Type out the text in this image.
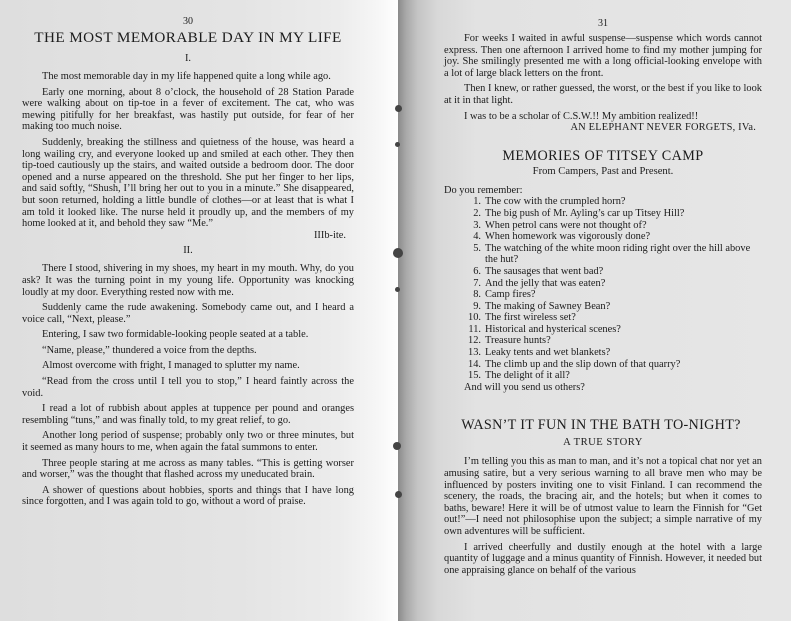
30
THE MOST MEMORABLE DAY IN MY LIFE
I.

The most memorable day in my life happened quite a long while ago.

Early one morning, about 8 o’clock, the household of 28 Station Parade were walking about on tip-toe in a fever of excitement. The cat, who was mewing pitifully for her breakfast, was hastily put outside, for fear of her making too much noise.

Suddenly, breaking the stillness and quietness of the house, was heard a long wailing cry, and everyone looked up and smiled at each other. They then tip-toed cautiously up the stairs, and waited outside a bedroom door. The door opened and a nurse appeared on the threshold. She put her finger to her lips, and said softly, “Shush, I’ll bring her out to you in a minute.” She disappeared, but soon returned, holding a little bundle of clothes—or at least that is what I am told it looked like. The nurse held it proudly up, and the members of my home looked at it, and behold they saw “Me.”

IIIb-ite.
II.

There I stood, shivering in my shoes, my heart in my mouth. Why, do you ask? It was the turning point in my young life. Opportunity was knocking loudly at my door. Everything rested now with me.

Suddenly came the rude awakening. Somebody came out, and I heard a voice call, “Next, please.”

Entering, I saw two formidable-looking people seated at a table.

“Name, please,” thundered a voice from the depths.

Almost overcome with fright, I managed to splutter my name.

“Read from the cross until I tell you to stop,” I heard faintly across the void.

I read a lot of rubbish about apples at tuppence per pound and oranges resembling “tuns,” and was finally told, to my great relief, to go.

Another long period of suspense; probably only two or three minutes, but it seemed as many hours to me, when again the fatal summons to enter.

Three people staring at me across as many tables. “This is getting worser and worser,” was the thought that flashed across my uneducated brain.

A shower of questions about hobbies, sports and things that I have long since forgotten, and I was again told to go, without a word of praise.

31

For weeks I waited in awful suspense—suspense which words cannot express. Then one afternoon I arrived home to find my mother jumping for joy. She smilingly presented me with a long official-looking envelope with a lot of large black letters on the front.

Then I knew, or rather guessed, the worst, or the best if you like to look at it in that light.

I was to be a scholar of C.S.W.!! My ambition realized!!

AN ELEPHANT NEVER FORGETS, IVa.
MEMORIES OF TITSEY CAMP
From Campers, Past and Present.

Do you remember:

1. The cow with the crumpled horn?
2. The big push of Mr. Ayling’s car up Titsey Hill?
3. When petrol cans were not thought of?
4. When homework was vigorously done?
5. The watching of the white moon riding right over the hill above the hut?
6. The sausages that went bad?
7. And the jelly that was eaten?
8. Camp fires?
9. The making of Sawney Bean?
10. The first wireless set?
11. Historical and hysterical scenes?
12. Treasure hunts?
13. Leaky tents and wet blankets?
14. The climb up and the slip down of that quarry?
15. The delight of it all?

And will you send us others?

WASN’T IT FUN IN THE BATH TO-NIGHT?
A TRUE STORY

I’m telling you this as man to man, and it’s not a topical chat nor yet an amusing satire, but a very serious warning to all brave men who may be influenced by posters inviting one to visit Finland. I can recommend the scenery, the roads, the bracing air, and the hotels; but when it comes to baths, beware! Here it will be of utmost value to learn the Finnish for “Get out!”—I need not philosophise upon the subject; a simple narrative of my own adventures will be sufficient.

I arrived cheerfully and dustily enough at the hotel with a large quantity of luggage and a minus quantity of Finnish. However, it needed but one appraising glance on behalf of the various
